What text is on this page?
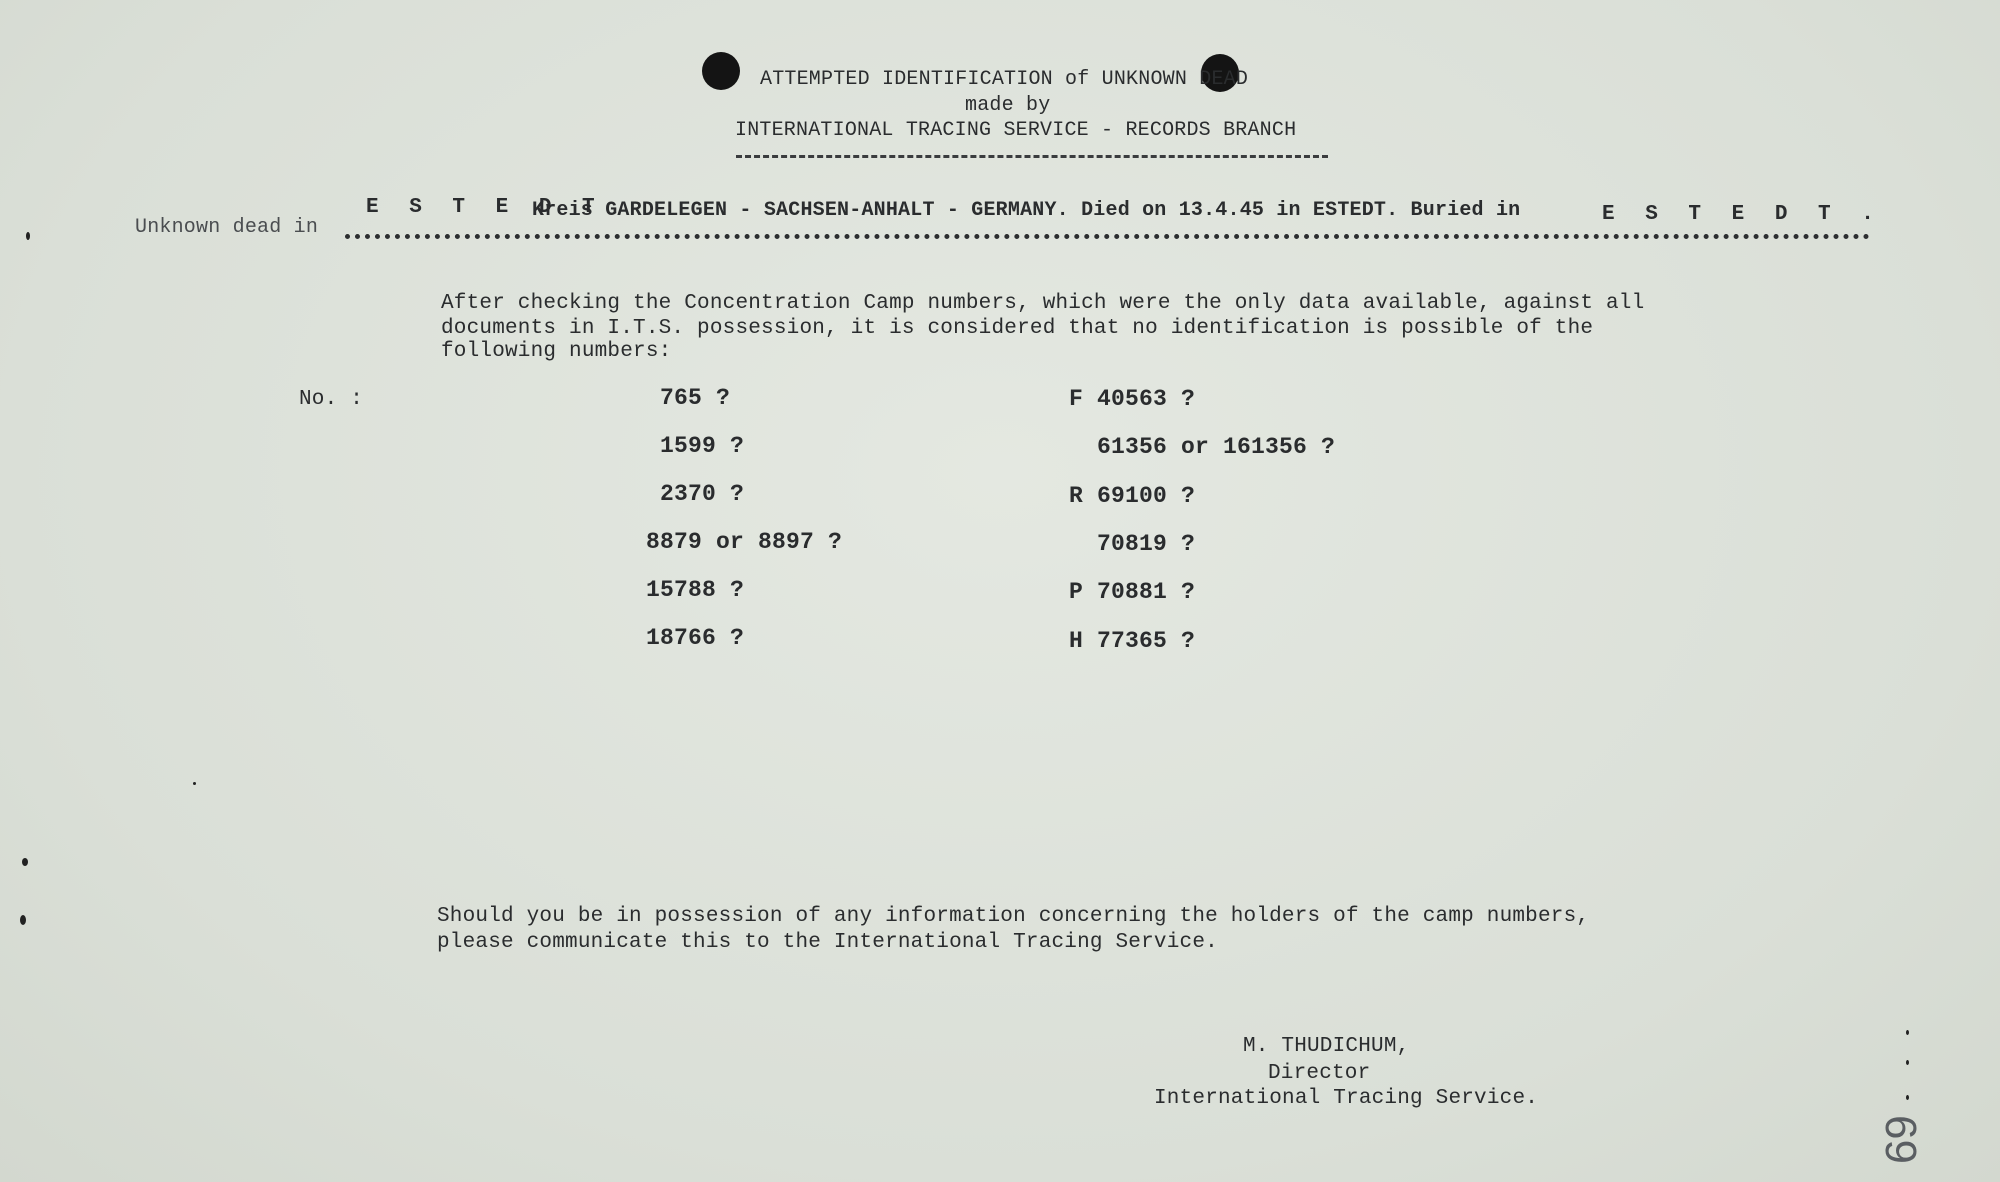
ATTEMPTED IDENTIFICATION of UNKNOWN DEAD
made by
INTERNATIONAL TRACING SERVICE - RECORDS BRANCH
Unknown dead in
E S T E D T
Kreis GARDELEGEN - SACHSEN-ANHALT - GERMANY. Died on 13.4.45 in ESTEDT. Buried in	E S T E D T .
After checking the Concentration Camp numbers, which were the only data available, against all
documents in I.T.S. possession, it is considered that no identification is possible of the
following numbers:
No. :	765 ?
1599 ?
2370 ?
8879 or 8897 ?
15788 ?
18766 ?
F 40563 ?
61356 or 161356 ?
R 69100 ?
70819 ?
P 70881 ?
H 77365 ?
Should you be in possession of any information concerning the holders of the camp numbers,
please communicate this to the International Tracing Service.
M. THUDICHUM,
Director
International Tracing Service.
69
